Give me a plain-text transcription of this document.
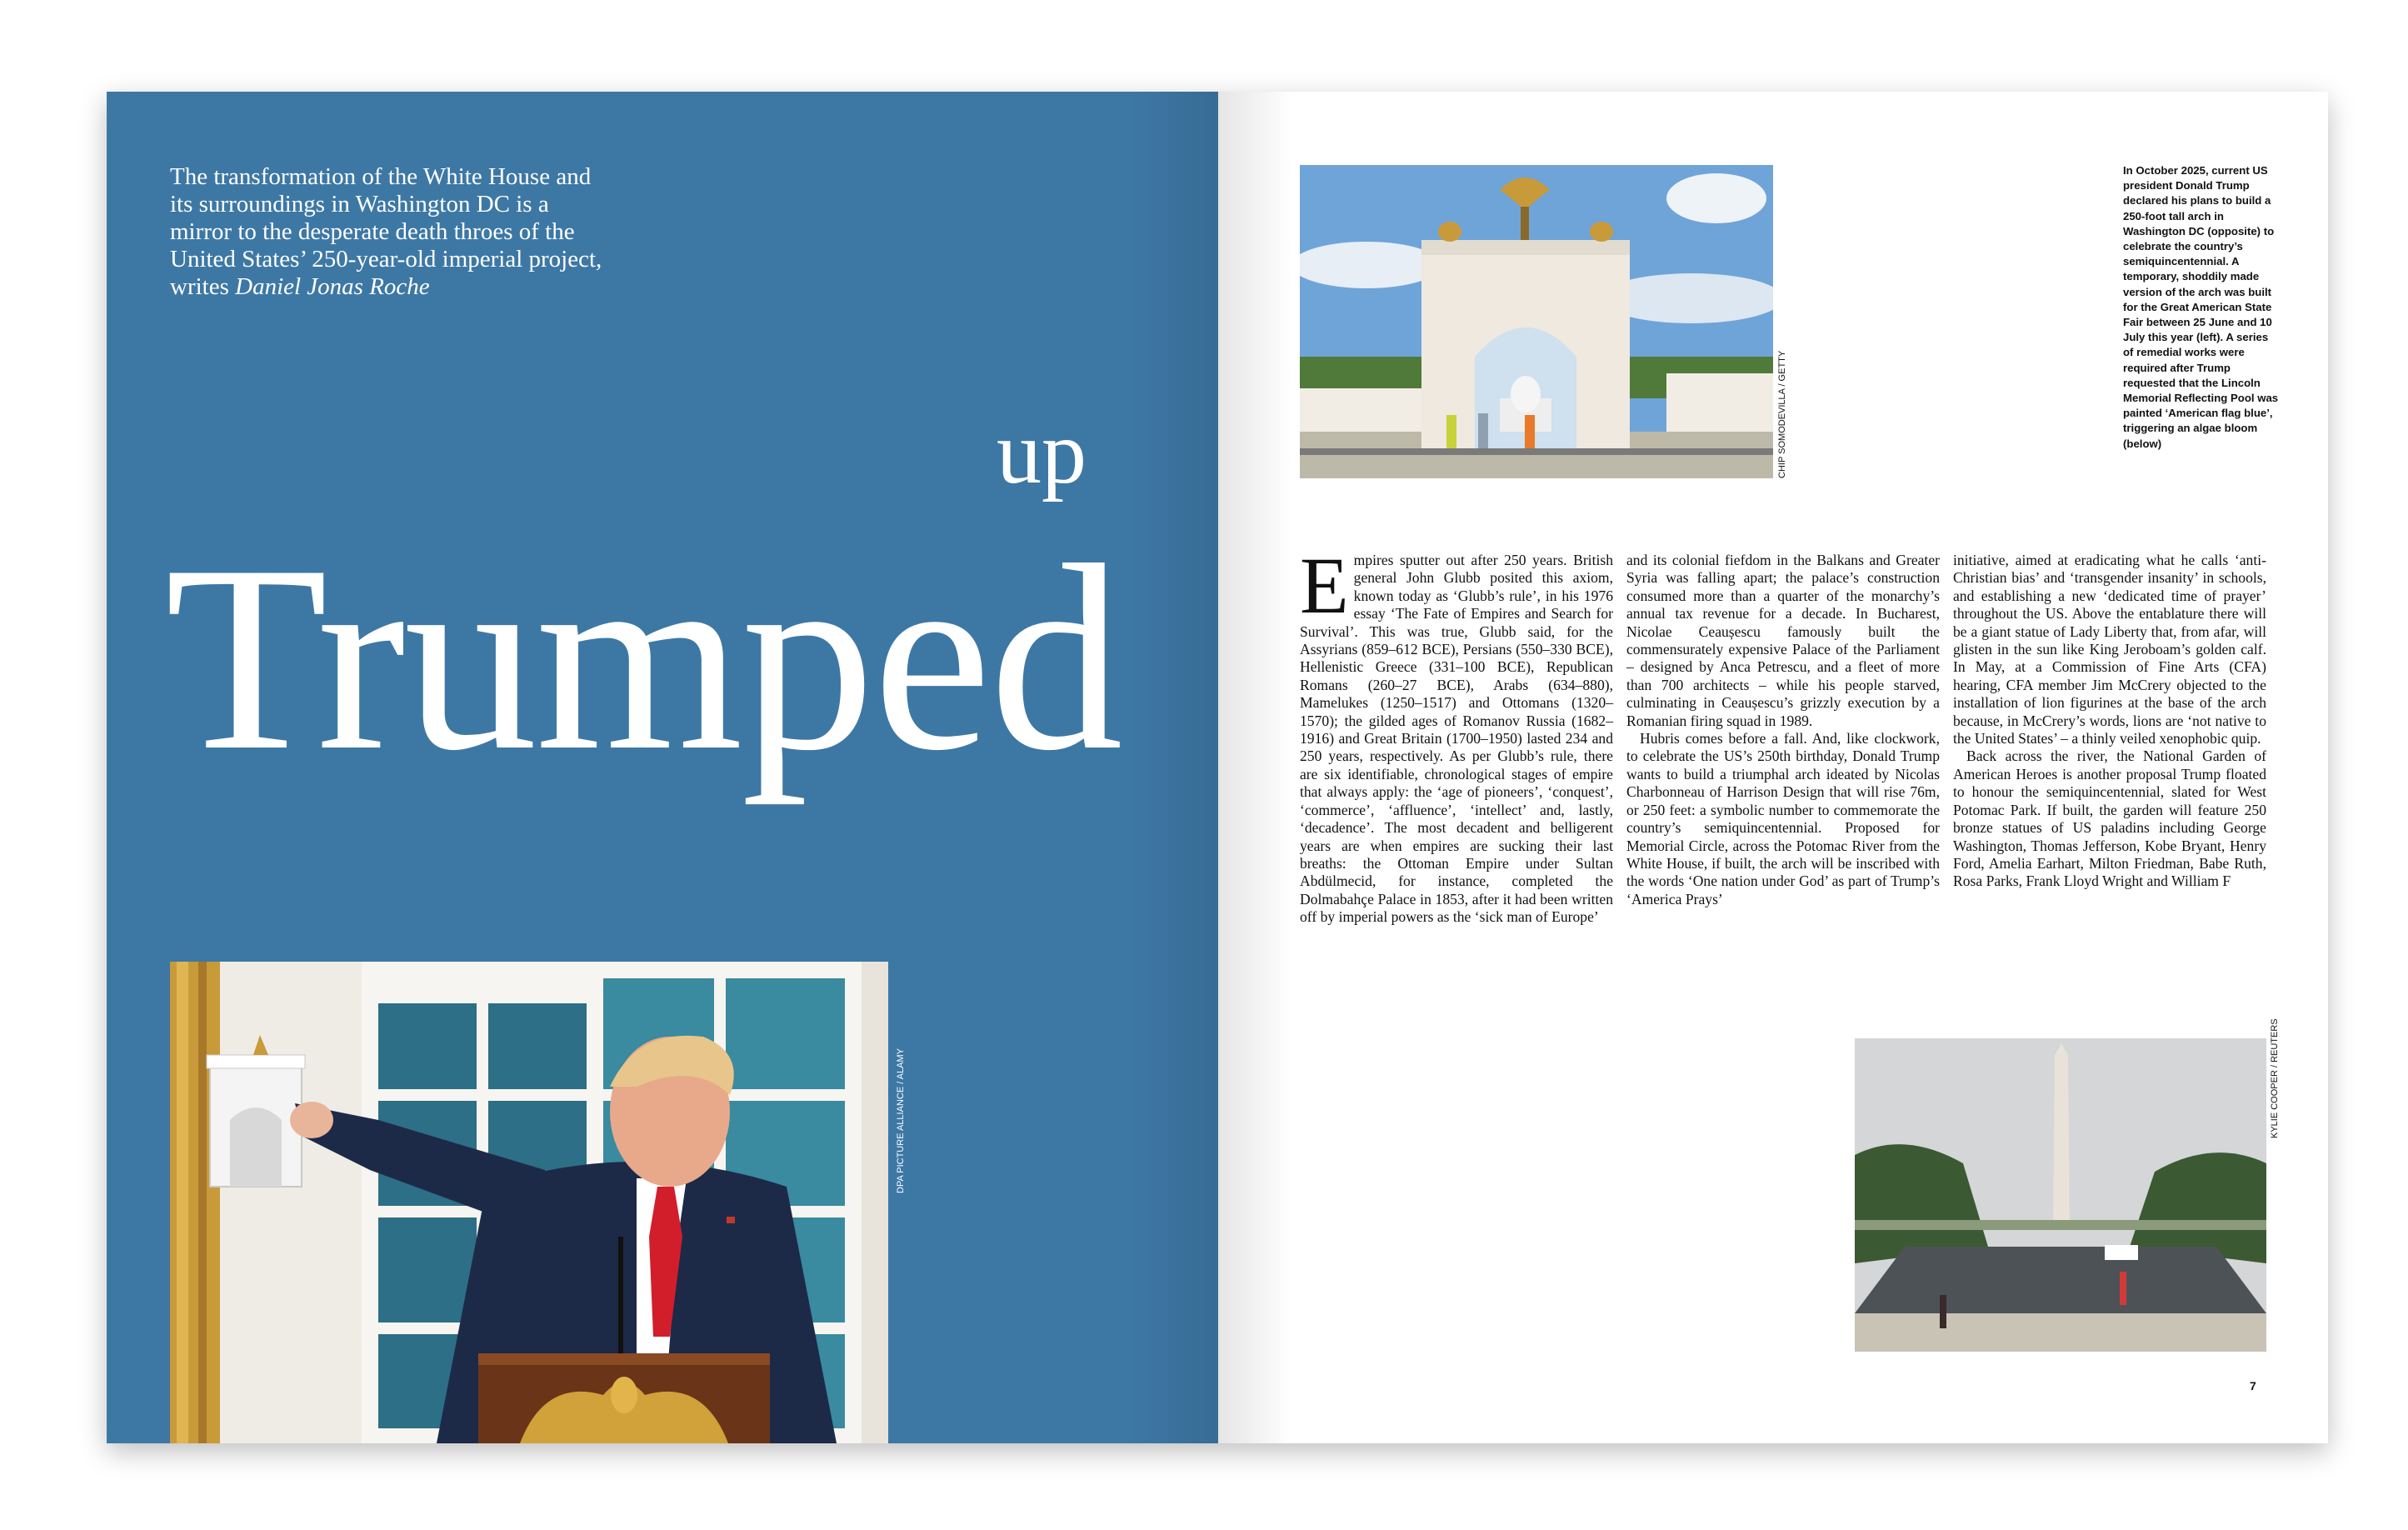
The transformation of the White House and its surroundings in Washington DC is a mirror to the desperate death throes of the United States’ 250-year-old imperial project, writes Daniel Jonas Roche

up

Trumped

DPA PICTURE ALLIANCE / ALAMY
CHIP SOMODEVILLA / GETTY

In October 2025, current US president Donald Trump declared his plans to build a 250-foot tall arch in Washington DC (opposite) to celebrate the country’s semiquincentennial. A temporary, shoddily made version of the arch was built for the Great American State Fair between 25 June and 10 July this year (left). A series of remedial works were required after Trump requested that the Lincoln Memorial Reflecting Pool was painted ‘American flag blue’, triggering an algae bloom (below)

Empires sputter out after 250 years. British general John Glubb posited this axiom, known today as ‘Glubb’s rule’, in his 1976 essay ‘The Fate of Empires and Search for Survival’. This was true, Glubb said, for the Assyrians (859–612 BCE), Persians (550–330 BCE), Hellenistic Greece (331–100 BCE), Republican Romans (260–27 BCE), Arabs (634–880), Mamelukes (1250–1517) and Ottomans (1320–1570); the gilded ages of Romanov Russia (1682–1916) and Great Britain (1700–1950) lasted 234 and 250 years, respectively. As per Glubb’s rule, there are six identifiable, chronological stages of empire that always apply: the ‘age of pioneers’, ‘conquest’, ‘commerce’, ‘affluence’, ‘intellect’ and, lastly, ‘decadence’. The most decadent and belligerent years are when empires are sucking their last breaths: the Ottoman Empire under Sultan Abdülmecid, for instance, completed the Dolmabahçe Palace in 1853, after it had been written off by imperial powers as the ‘sick man of Europe’
and its colonial fiefdom in the Balkans and Greater Syria was falling apart; the palace’s construction consumed more than a quarter of the monarchy’s annual tax revenue for a decade. In Bucharest, Nicolae Ceaușescu famously built the commensurately expensive Palace of the Parliament – designed by Anca Petrescu, and a fleet of more than 700 architects – while his people starved, culminating in Ceaușescu’s grizzly execution by a Romanian firing squad in 1989.
Hubris comes before a fall. And, like clockwork, to celebrate the US’s 250th birthday, Donald Trump wants to build a triumphal arch ideated by Nicolas Charbonneau of Harrison Design that will rise 76m, or 250 feet: a symbolic number to commemorate the country’s semiquincentennial. Proposed for Memorial Circle, across the Potomac River from the White House, if built, the arch will be inscribed with the words ‘One nation under God’ as part of Trump’s ‘America Prays’
initiative, aimed at eradicating what he calls ‘anti-Christian bias’ and ‘transgender insanity’ in schools, and establishing a new ‘dedicated time of prayer’ throughout the US. Above the entablature there will be a giant statue of Lady Liberty that, from afar, will glisten in the sun like King Jeroboam’s golden calf. In May, at a Commission of Fine Arts (CFA) hearing, CFA member Jim McCrery objected to the installation of lion figurines at the base of the arch because, in McCrery’s words, lions are ‘not native to the United States’ – a thinly veiled xenophobic quip.
Back across the river, the National Garden of American Heroes is another proposal Trump floated to honour the semiquincentennial, slated for West Potomac Park. If built, the garden will feature 250 bronze statues of US paladins including George Washington, Thomas Jefferson, Kobe Bryant, Henry Ford, Amelia Earhart, Milton Friedman, Babe Ruth, Rosa Parks, Frank Lloyd Wright and William F
KYLIE COOPER / REUTERS

7
